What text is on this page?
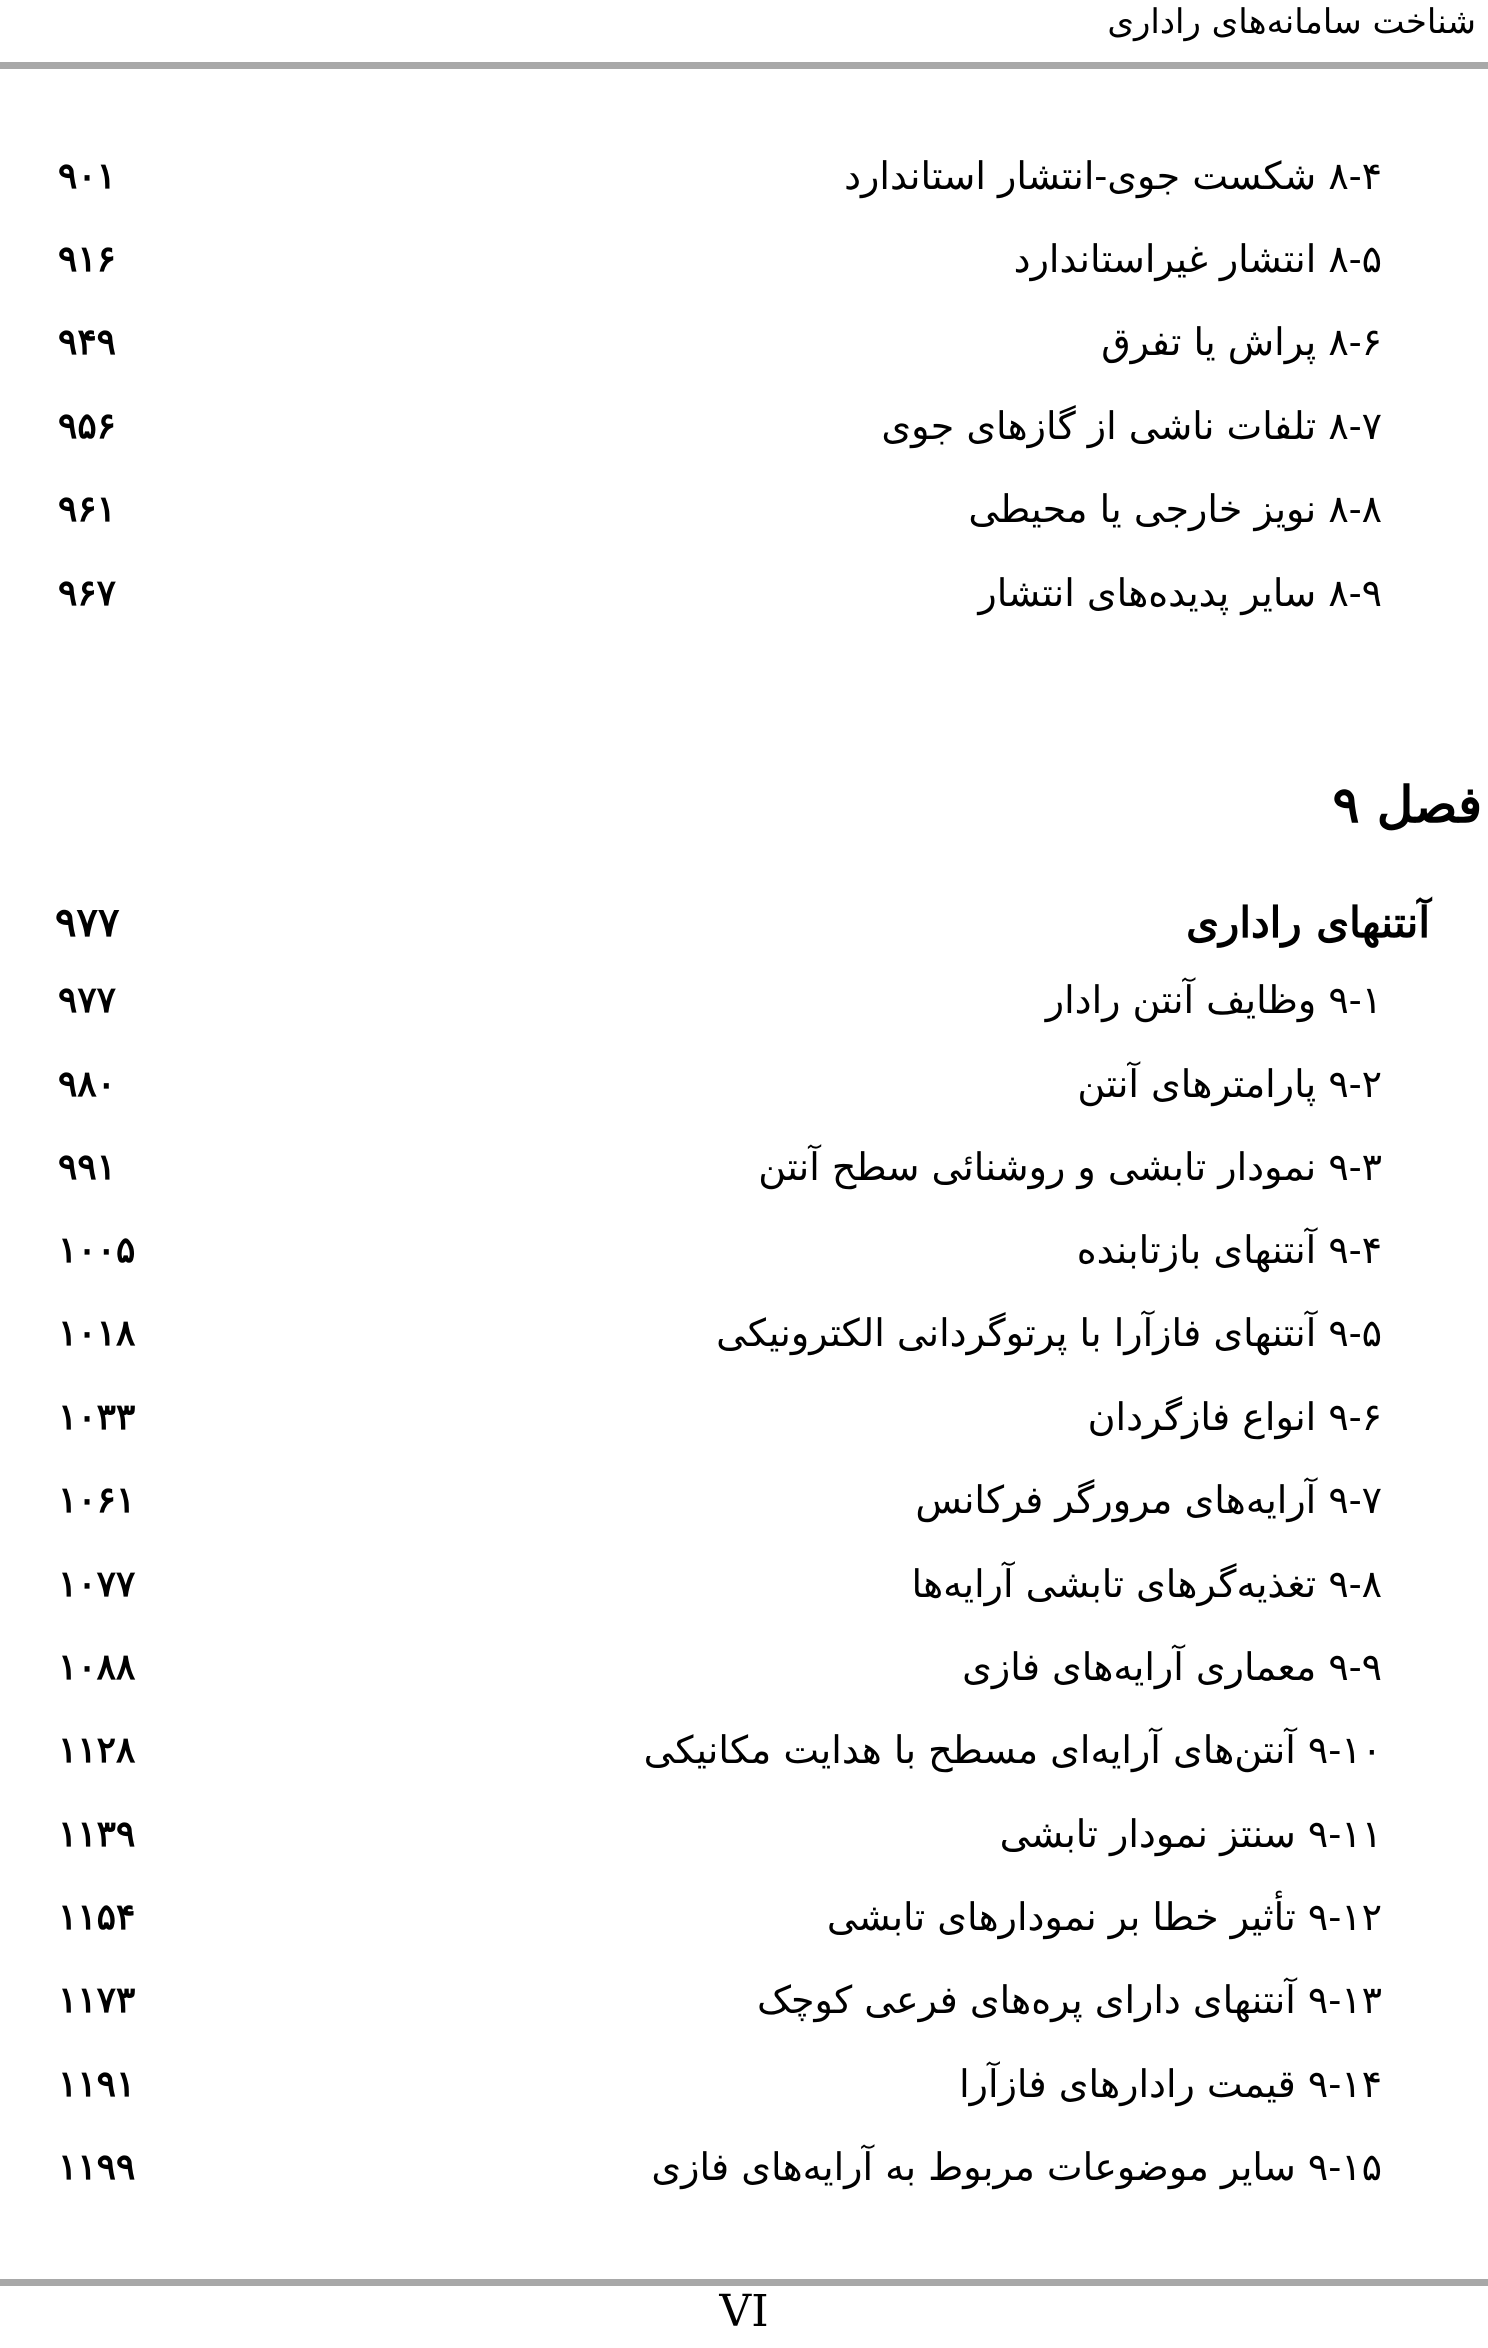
شناخت سامانه‌های راداری
۸-۴ شکست جوی-انتشار استاندارد
۹۰۱
۸-۵ انتشار غیراستاندارد
۹۱۶
۸-۶ پراش یا تفرق
۹۴۹
۸-۷ تلفات ناشی از گازهای جوی
۹۵۶
۸-۸ نویز خارجی یا محیطی
۹۶۱
۸-۹ سایر پدیده‌های انتشار
۹۶۷
فصل ۹
آنتنهای راداری
۹۷۷
۹-۱ وظایف آنتن رادار
۹۷۷
۹-۲ پارامترهای آنتن
۹۸۰
۹-۳ نمودار تابشی و روشنائی سطح آنتن
۹۹۱
۹-۴ آنتنهای بازتابنده
۱۰۰۵
۹-۵ آنتنهای فازآرا با پرتوگردانی الکترونیکی
۱۰۱۸
۹-۶ انواع فازگردان
۱۰۳۳
۹-۷ آرایه‌های مرورگر فرکانس
۱۰۶۱
۹-۸ تغذیه‌گرهای تابشی آرایه‌ها
۱۰۷۷
۹-۹ معماری آرایه‌های فازی
۱۰۸۸
۹-۱۰ آنتن‌های آرایه‌ای مسطح با هدایت مکانیکی
۱۱۲۸
۹-۱۱ سنتز نمودار تابشی
۱۱۳۹
۹-۱۲ تأثیر خطا بر نمودارهای تابشی
۱۱۵۴
۹-۱۳ آنتنهای دارای پره‌های فرعی کوچک
۱۱۷۳
۹-۱۴ قیمت رادارهای فازآرا
۱۱۹۱
۹-۱۵ سایر موضوعات مربوط به آرایه‌های فازی
۱۱۹۹
VI
